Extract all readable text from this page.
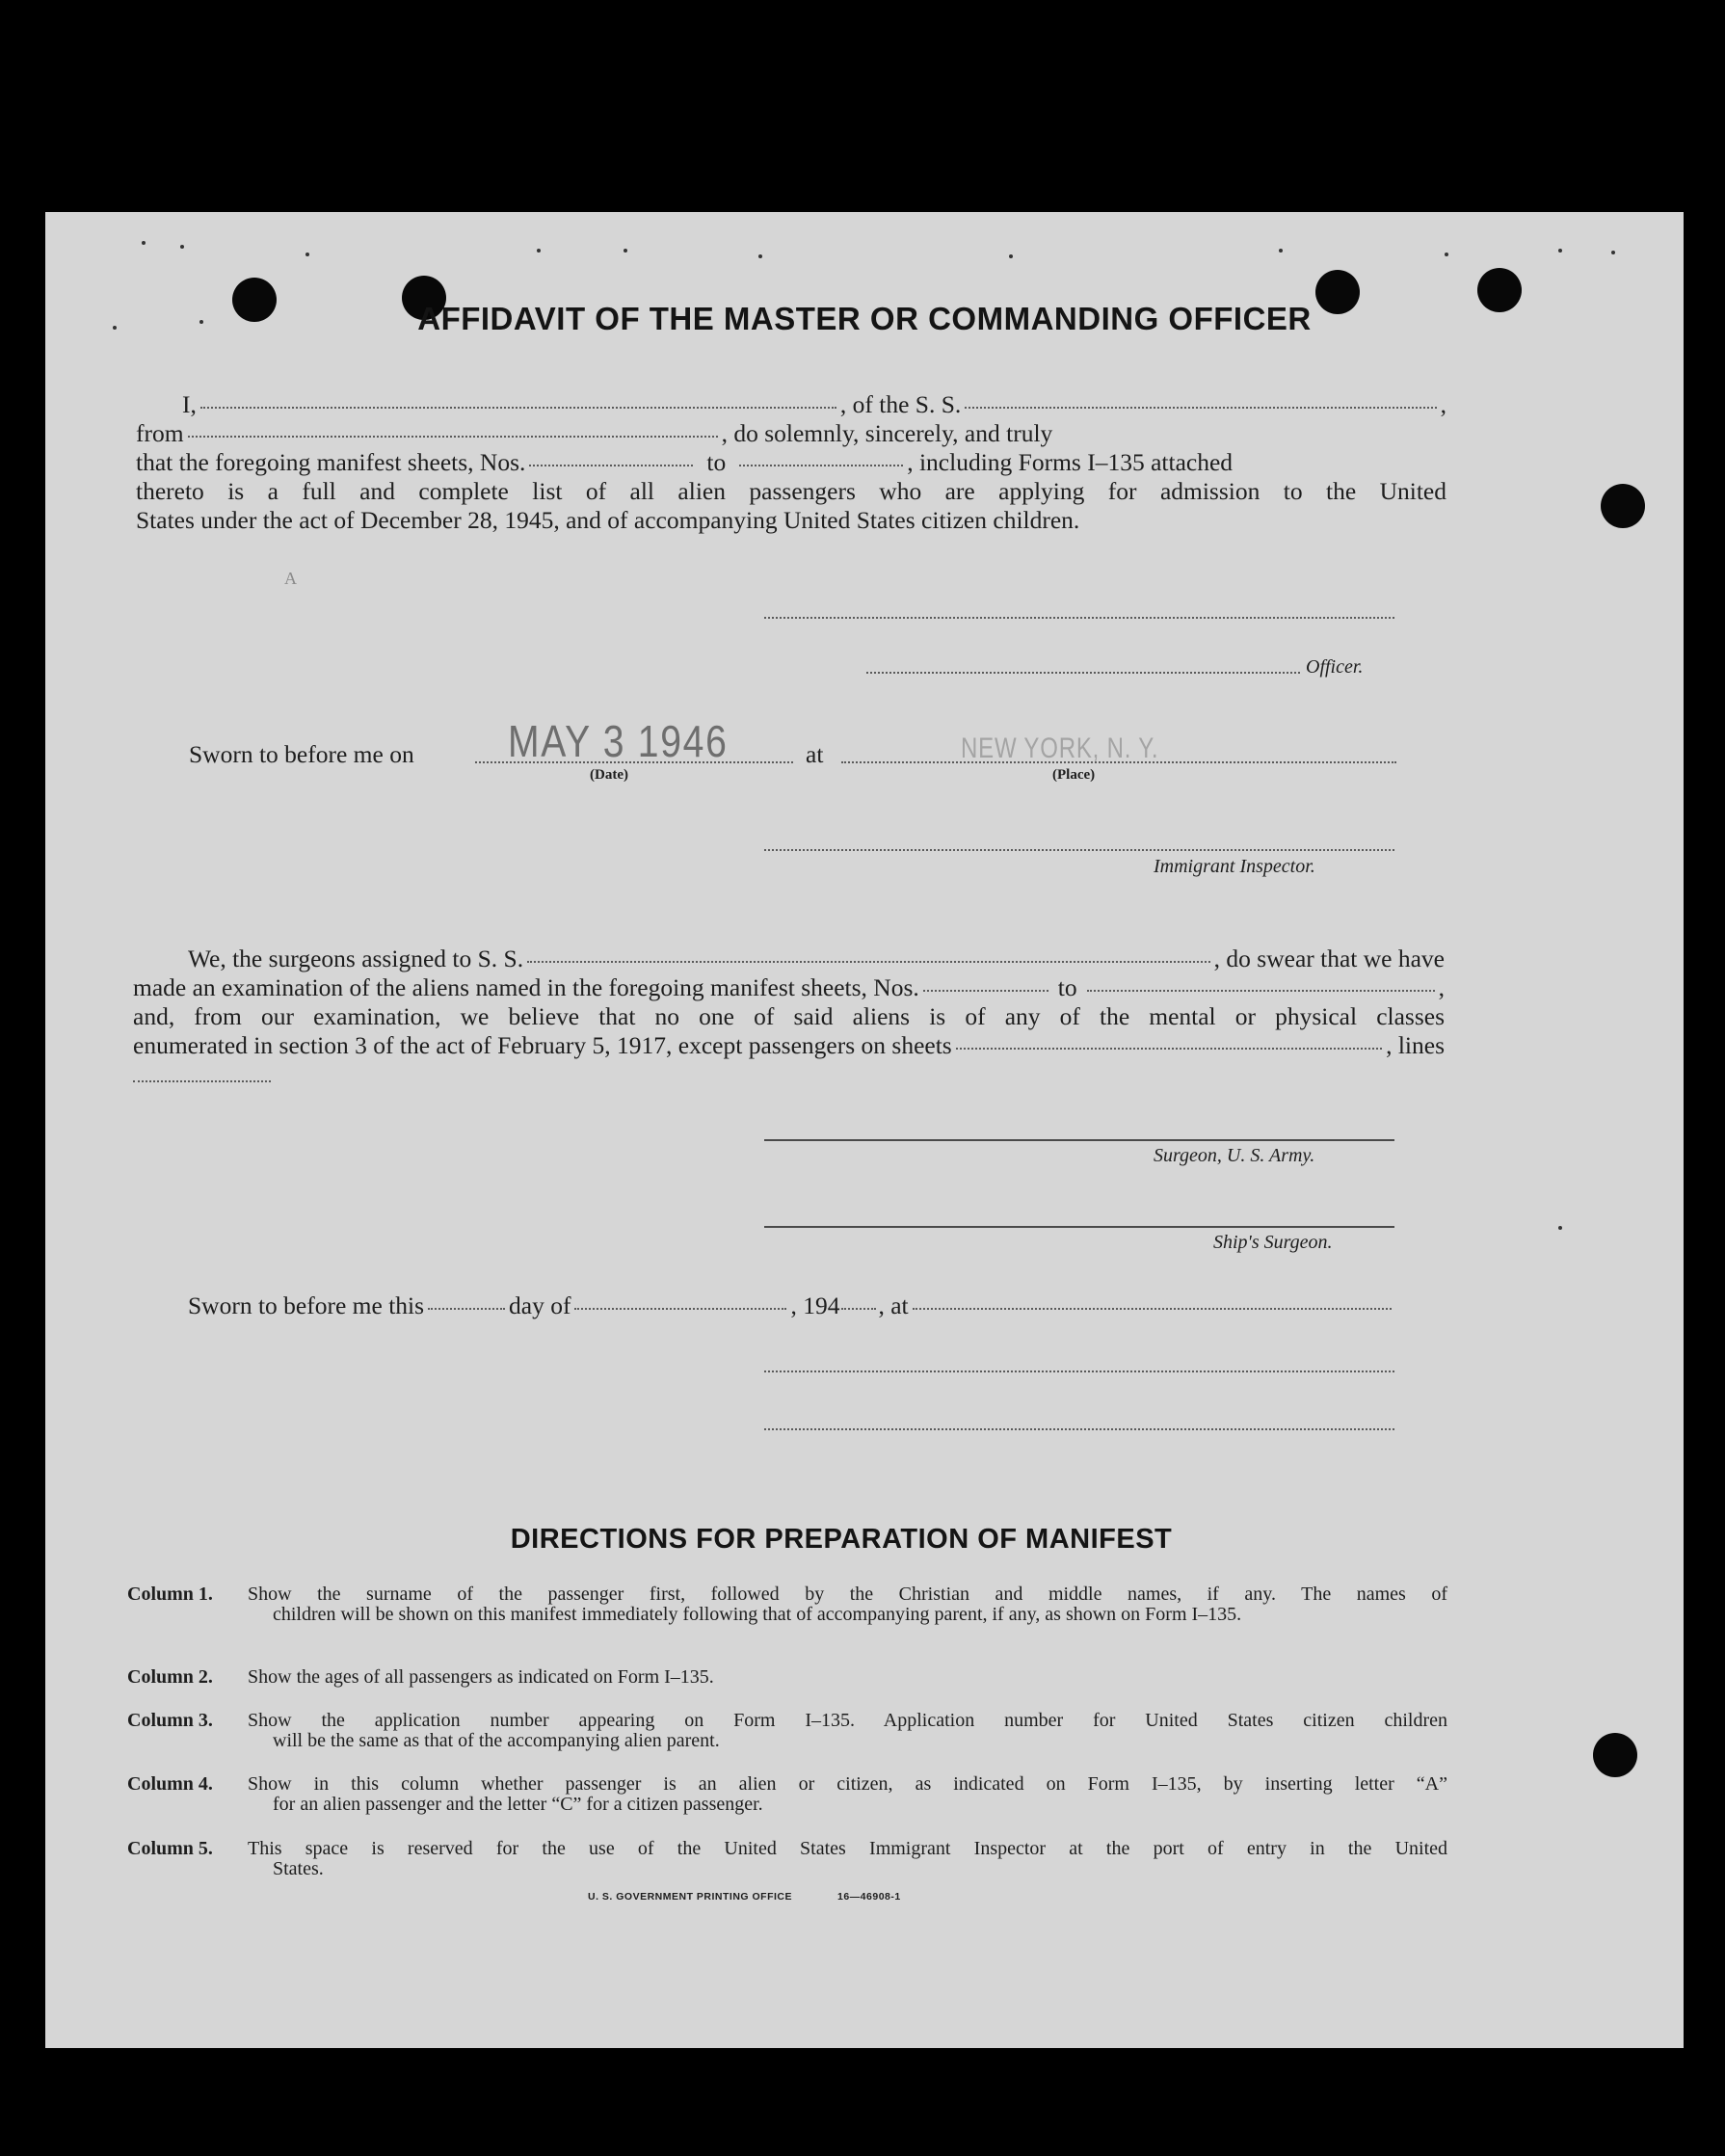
AFFIDAVIT OF THE MASTER OR COMMANDING OFFICER
I,	, of the S. S.	,
from	, do solemnly, sincerely, and truly
that the foregoing manifest sheets, Nos.	to	, including Forms I–135 attached
thereto is a full and complete list of all alien passengers who are applying for admission to the United
States under the act of December 28, 1945, and of accompanying United States citizen children.
A
Officer.
Sworn to before me on MAY 3 1946	at	NEW YORK, N. Y.
(Date)	(Place)
Immigrant Inspector.
We, the surgeons assigned to S. S.	, do swear that we have
made an examination of the aliens named in the foregoing manifest sheets, Nos.	to	,
and, from our examination, we believe that no one of said aliens is of any of the mental or physical classes
enumerated in section 3 of the act of February 5, 1917, except passengers on sheets	, lines
Surgeon, U. S. Army.
Ship's Surgeon.
Sworn to before me this	day of	, 194 , at
DIRECTIONS FOR PREPARATION OF MANIFEST
Column 1. Show the surname of the passenger first, followed by the Christian and middle names, if any. The names of
children will be shown on this manifest immediately following that of accompanying parent, if any, as shown on Form I–135.
Column 2. Show the ages of all passengers as indicated on Form I–135.
Column 3. Show the application number appearing on Form I–135. Application number for United States citizen children
will be the same as that of the accompanying alien parent.
Column 4. Show in this column whether passenger is an alien or citizen, as indicated on Form I–135, by inserting letter “A”
for an alien passenger and the letter “C” for a citizen passenger.
Column 5. This space is reserved for the use of the United States Immigrant Inspector at the port of entry in the United
States.
U. S. GOVERNMENT PRINTING OFFICE	16—46908-1
